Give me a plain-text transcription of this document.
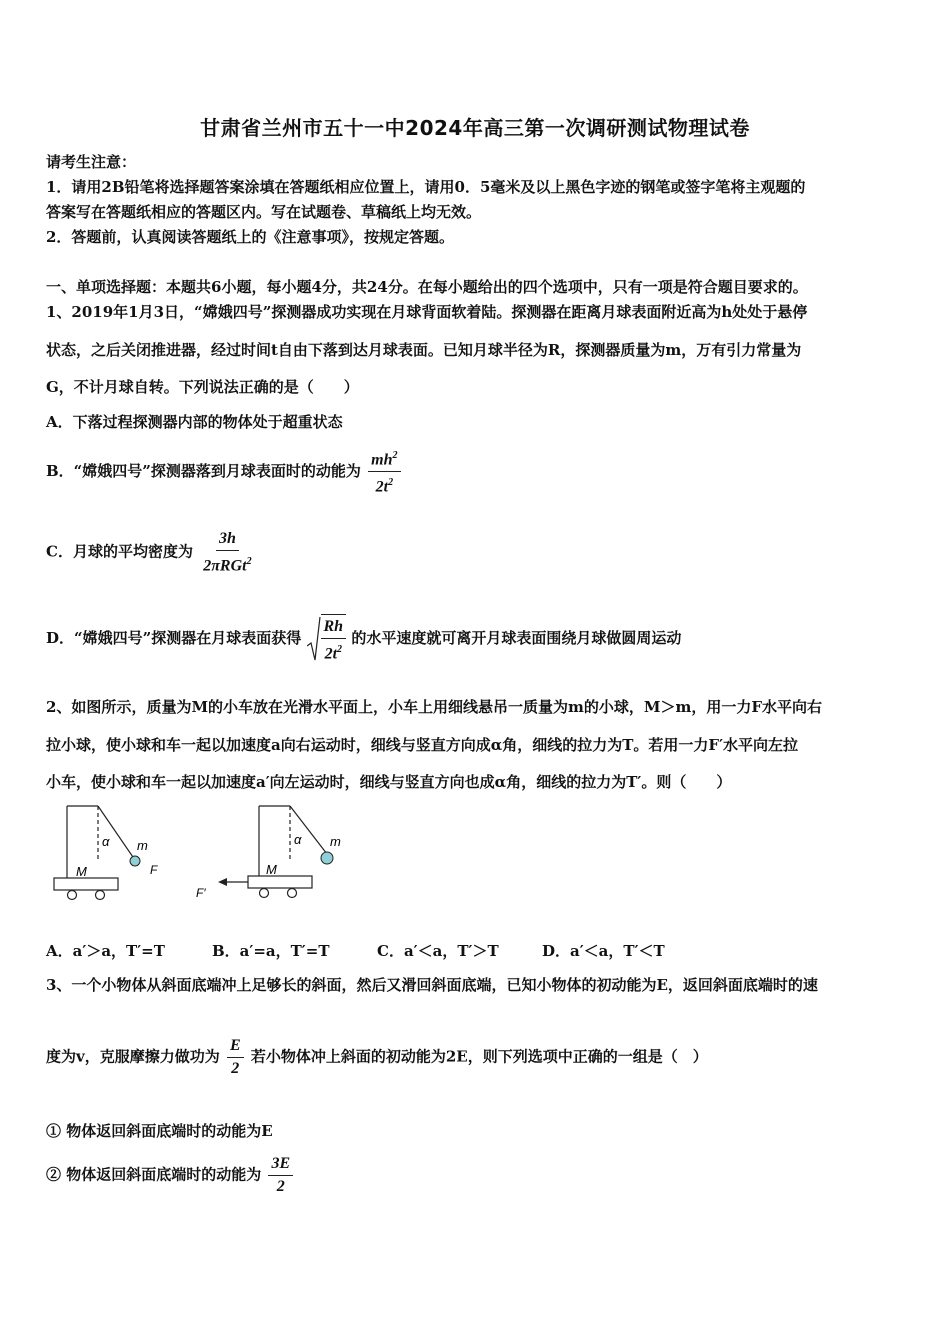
甘肃省兰州市五十一中2024年高三第一次调研测试物理试卷
请考生注意：
1．请用2B铅笔将选择题答案涂填在答题纸相应位置上，请用0．5毫米及以上黑色字迹的钢笔或签字笔将主观题的
答案写在答题纸相应的答题区内。写在试题卷、草稿纸上均无效。
2．答题前，认真阅读答题纸上的《注意事项》，按规定答题。
一、单项选择题：本题共6小题，每小题4分，共24分。在每小题给出的四个选项中，只有一项是符合题目要求的。
1、2019年1月3日，“嫦娥四号”探测器成功实现在月球背面软着陆。探测器在距离月球表面附近高为h处处于悬停
状态，之后关闭推进器，经过时间t自由下落到达月球表面。已知月球半径为R，探测器质量为m，万有引力常量为
G，不计月球自转。下列说法正确的是（　　）
A．下落过程探测器内部的物体处于超重状态
B．“嫦娥四号”探测器落到月球表面时的动能为 $\frac{mh^2}{2t^2}$
C．月球的平均密度为 $\frac{3h}{2\pi RGt^2}$
D．“嫦娥四号”探测器在月球表面获得 $\frac{Rh}{2t^2}$ 的水平速度就可离开月球表面围绕月球做圆周运动
2、如图所示，质量为M的小车放在光滑水平面上，小车上用细线悬吊一质量为m的小球，M＞m，用一力F水平向右
拉小球，使小球和车一起以加速度a向右运动时，细线与竖直方向成α角，细线的拉力为T。若用一力F′水平向左拉
小车，使小球和车一起以加速度a′向左运动时，细线与竖直方向也成α角，细线的拉力为T′。则（　　）
α m
M	F
α m
M
F′
A．a′＞a，T′=T	B．a′=a，T′=T	C．a′＜a，T′＞T	D．a′＜a，T′＜T
3、一个小物体从斜面底端冲上足够长的斜面，然后又滑回斜面底端，已知小物体的初动能为E，返回斜面底端时的速
度为v，克服摩擦力做功为 $\frac{E}{2}$ 若小物体冲上斜面的初动能为2E，则下列选项中正确的一组是（　）
① 物体返回斜面底端时的动能为E
② 物体返回斜面底端时的动能为 $\frac{3E}{2}$
